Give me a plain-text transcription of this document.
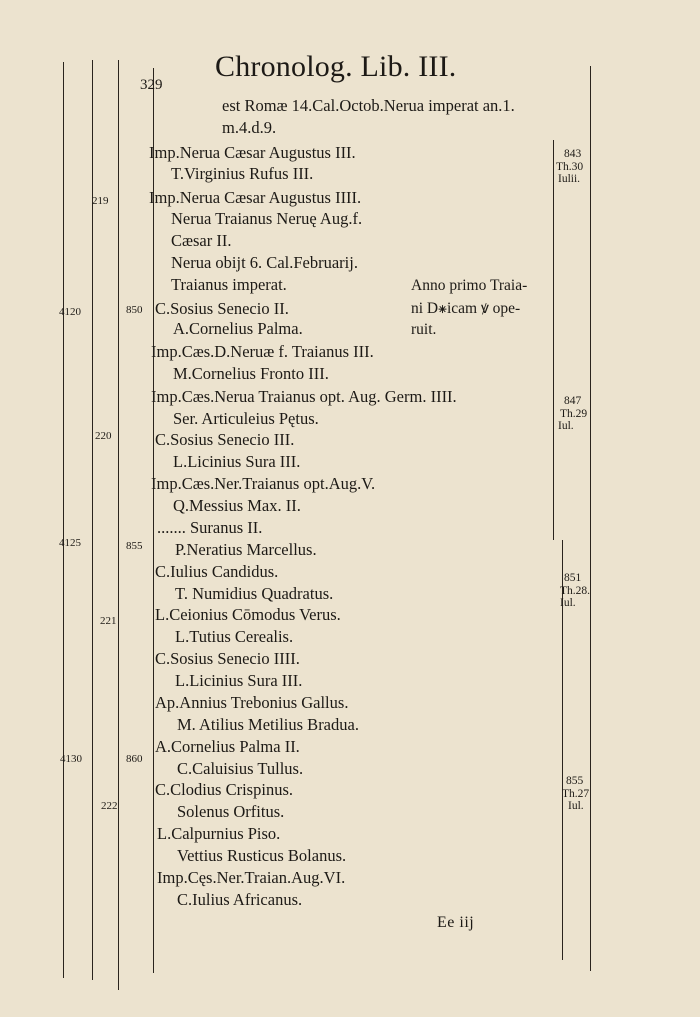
329
Chronolog. Lib. III.
est Romæ 14.Cal.Octob.Nerua imperat an.1.
m.4.d.9.
Imp.Nerua Cæsar Augustus III.
T.Virginius Rufus III.
Imp.Nerua Cæsar Augustus IIII.
Nerua Traianus Neruę Aug.f.
Cæsar II.
Nerua obijt 6. Cal.Februarij.
Traianus imperat.
C.Sosius Senecio II.
A.Cornelius Palma.
Imp.Cæs.D.Neruæ f. Traianus III.
M.Cornelius Fronto III.
Imp.Cæs.Nerua Traianus opt. Aug. Germ. IIII.
Ser. Articuleius Pętus.
C.Sosius Senecio III.
L.Licinius Sura III.
Imp.Cæs.Ner.Traianus opt.Aug.V.
Q.Messius Max. II.
....... Suranus II.
P.Neratius Marcellus.
C.Iulius Candidus.
T. Numidius Quadratus.
L.Ceionius Cōmodus Verus.
L.Tutius Cerealis.
C.Sosius Senecio IIII.
L.Licinius Sura III.
Ap.Annius Trebonius Gallus.
M. Atilius Metilius Bradua.
A.Cornelius Palma II.
C.Caluisius Tullus.
C.Clodius Crispinus.
Solenus Orfitus.
L.Calpurnius Piso.
Vettius Rusticus Bolanus.
Imp.Cęs.Ner.Traian.Aug.VI.
C.Iulius Africanus.
4120
4125
4130
219
220
221
222
850
855
860
Anno primo Traia-
ni D⁕icam ꝟ ope-
ruit.
843
Th.30
Iulii.
847
Th.29
Iul.
851
Th.28.
Iul.
855
Th.27
Iul.
Ee iij
